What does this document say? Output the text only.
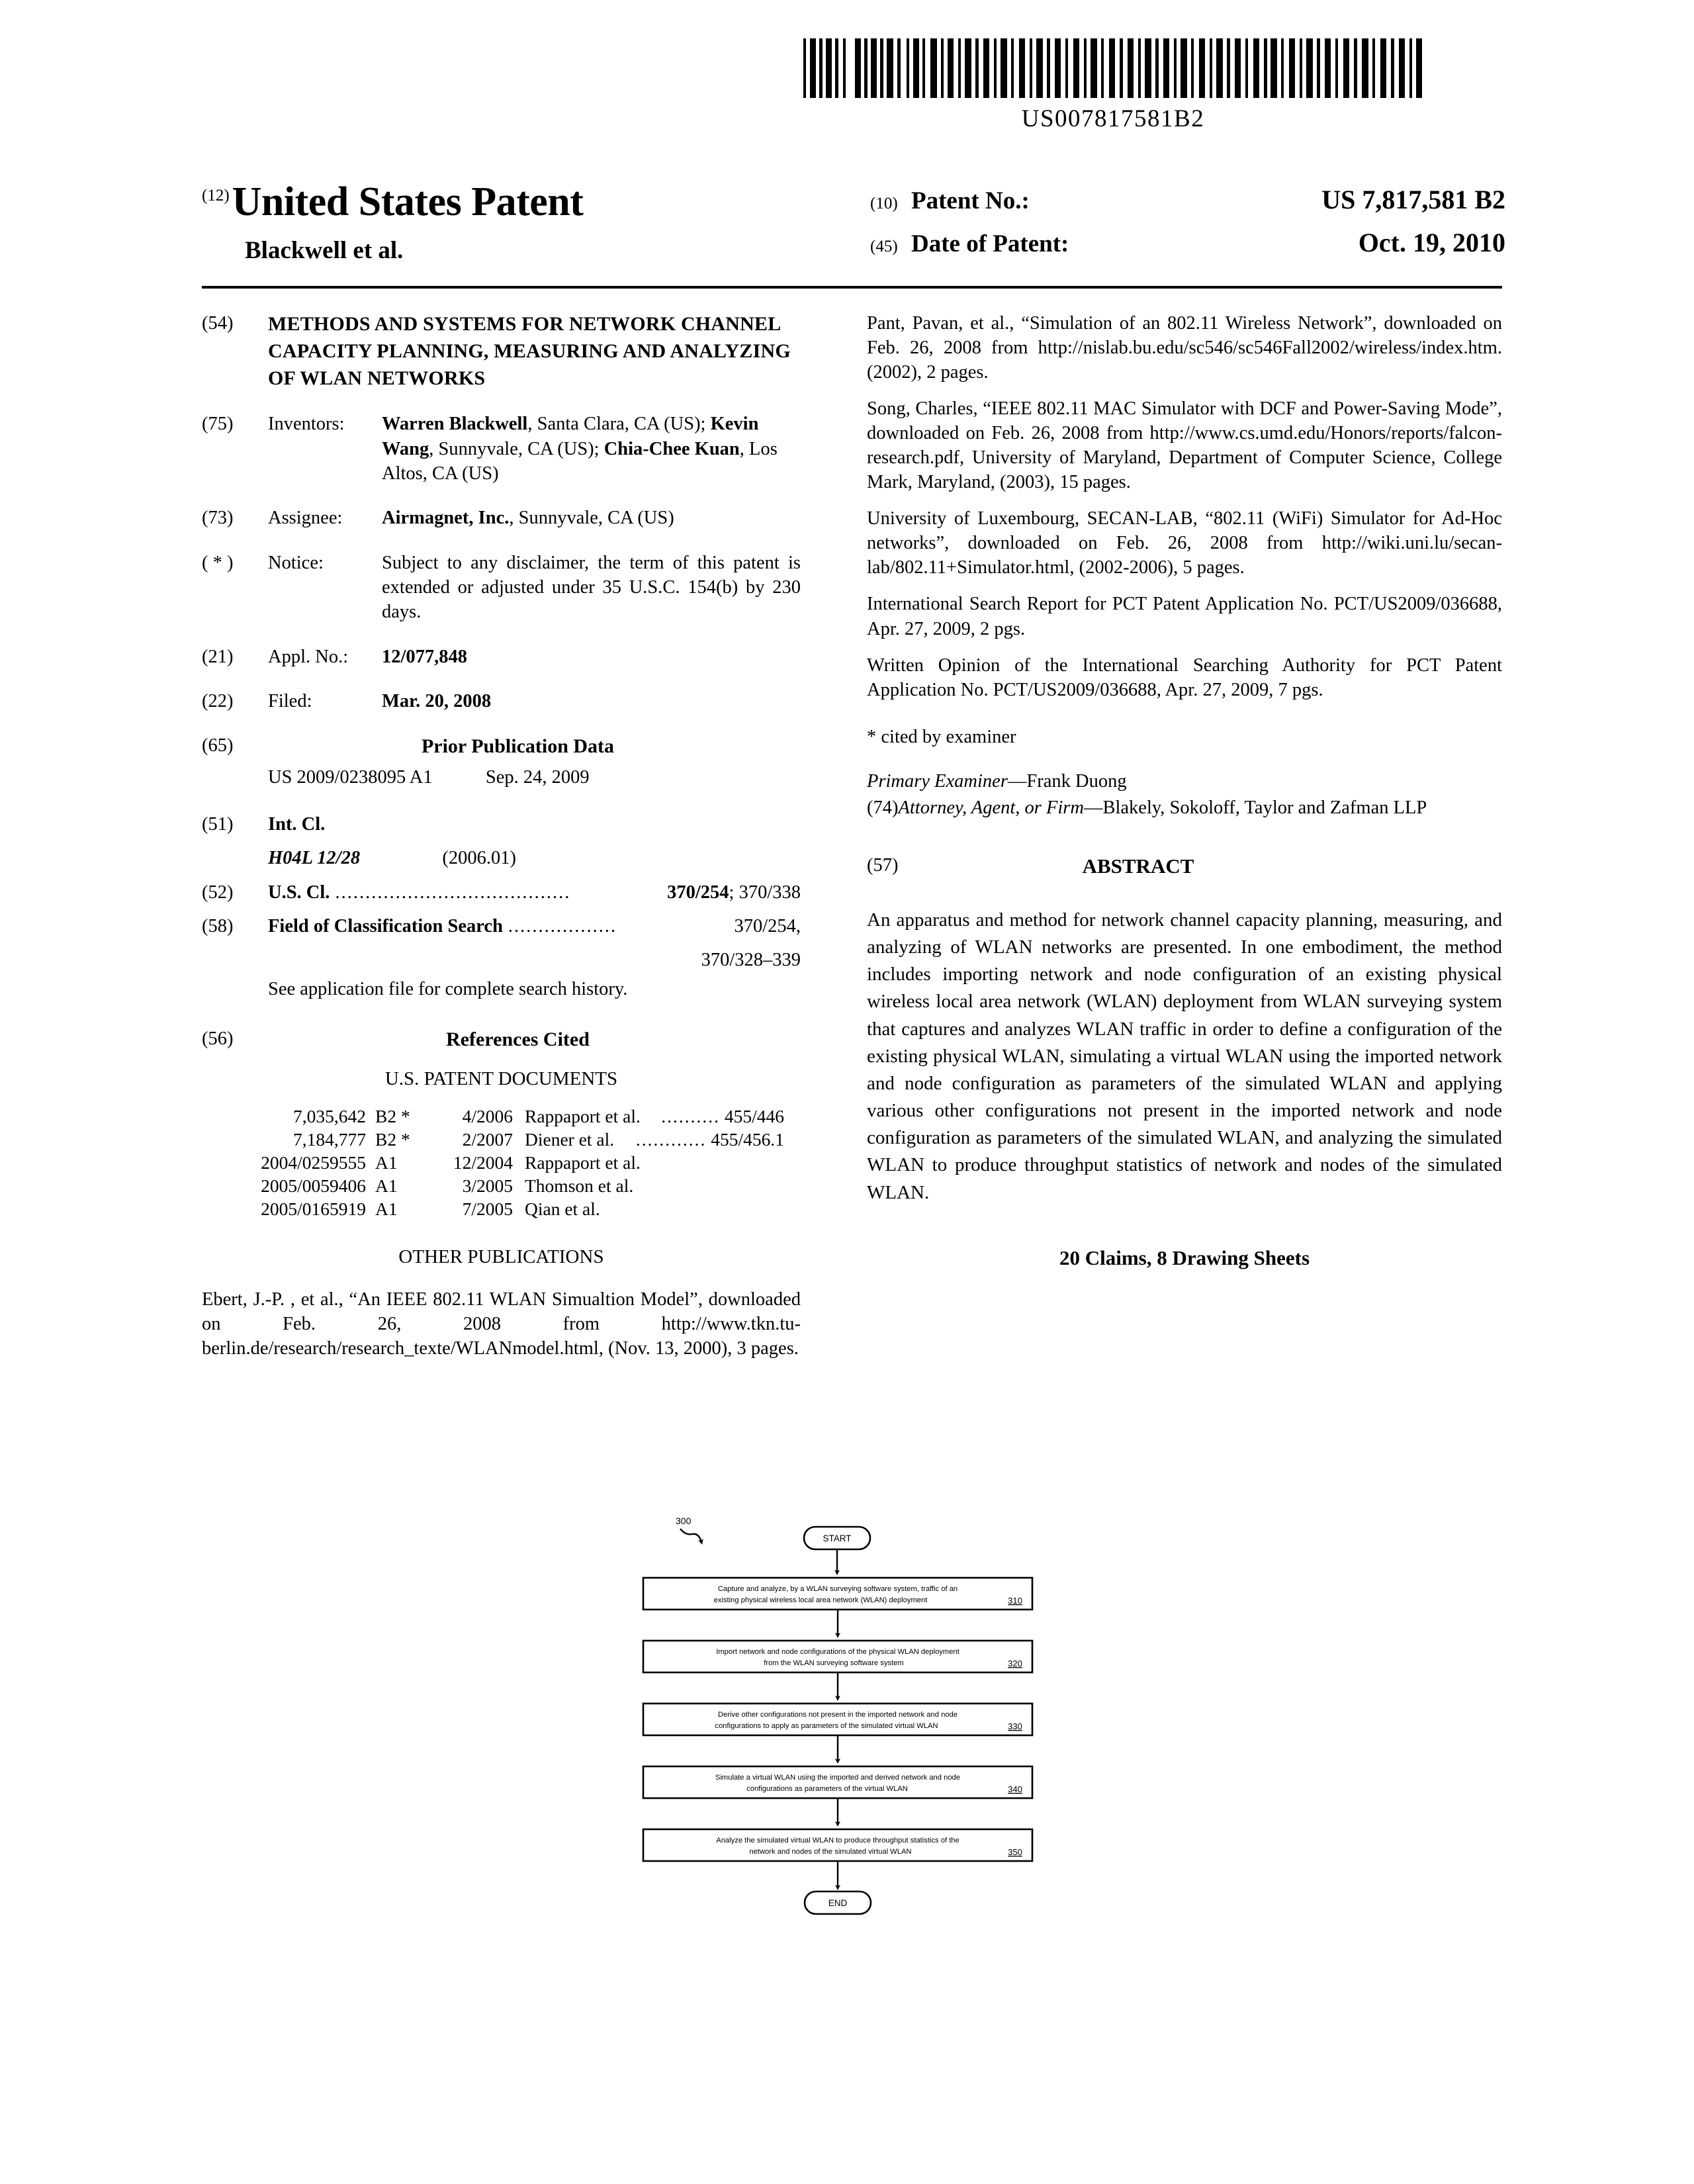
US007817581B2
(12) United States Patent
Blackwell et al.
(10) Patent No.:	US 7,817,581 B2
(45) Date of Patent:	Oct. 19, 2010
(54)	METHODS AND SYSTEMS FOR NETWORK CHANNEL CAPACITY PLANNING, MEASURING AND ANALYZING OF WLAN NETWORKS
(75)	Inventors:	Warren Blackwell, Santa Clara, CA (US); Kevin Wang, Sunnyvale, CA (US); Chia-Chee Kuan, Los Altos, CA (US)
(73)	Assignee:	Airmagnet, Inc., Sunnyvale, CA (US)
( * )	Notice:	Subject to any disclaimer, the term of this patent is extended or adjusted under 35 U.S.C. 154(b) by 230 days.
(21)	Appl. No.:	12/077,848
(22)	Filed:	Mar. 20, 2008
(65)	Prior Publication Data
US 2009/0238095 A1	Sep. 24, 2009
(51)	Int. Cl.
H04L 12/28	(2006.01)
(52)	U.S. Cl. .......................................	370/254 ; 370/338
(58)	Field of Classification Search ..................	370/254,
370/328–339
See application file for complete search history.
(56)	References Cited
U.S. PATENT DOCUMENTS
7,035,642 B2 *	4/2006 Rappaport et al.	.......... 455/446
7,184,777 B2 *	2/2007 Diener et al.	............ 455/456.1
2004/0259555 A1	12/2004 Rappaport et al.
2005/0059406 A1	3/2005 Thomson et al.
2005/0165919 A1	7/2005 Qian et al.
OTHER PUBLICATIONS
Ebert, J.-P. , et al., “An IEEE 802.11 WLAN Simualtion Model”, downloaded on Feb. 26, 2008 from http://www.tkn.tu-berlin.de/research/research_texte/WLANmodel.html, (Nov. 13, 2000), 3 pages.
Pant, Pavan, et al., “Simulation of an 802.11 Wireless Network”, downloaded on Feb. 26, 2008 from http://nislab.bu.edu/sc546/sc546Fall2002/wireless/index.htm. (2002), 2 pages.
Song, Charles, “IEEE 802.11 MAC Simulator with DCF and Power-Saving Mode”, downloaded on Feb. 26, 2008 from http://www.cs.umd.edu/Honors/reports/falcon-research.pdf, University of Maryland, Department of Computer Science, College Mark, Maryland, (2003), 15 pages.
University of Luxembourg, SECAN-LAB, “802.11 (WiFi) Simulator for Ad-Hoc networks”, downloaded on Feb. 26, 2008 from http://wiki.uni.lu/secan-lab/802.11+Simulator.html, (2002-2006), 5 pages.
International Search Report for PCT Patent Application No. PCT/US2009/036688, Apr. 27, 2009, 2 pgs.
Written Opinion of the International Searching Authority for PCT Patent Application No. PCT/US2009/036688, Apr. 27, 2009, 7 pgs.
* cited by examiner
Primary Examiner—Frank Duong
(74)Attorney, Agent, or Firm—Blakely, Sokoloff, Taylor and Zafman LLP
(57)	ABSTRACT
An apparatus and method for network channel capacity planning, measuring, and analyzing of WLAN networks are presented. In one embodiment, the method includes importing network and node configuration of an existing physical wireless local area network (WLAN) deployment from WLAN surveying system that captures and analyzes WLAN traffic in order to define a configuration of the existing physical WLAN, simulating a virtual WLAN using the imported network and node configuration as parameters of the simulated WLAN and applying various other configurations not present in the imported network and node configuration as parameters of the simulated WLAN, and analyzing the simulated WLAN to produce throughput statistics of network and nodes of the simulated WLAN.
20 Claims, 8 Drawing Sheets
300
START
Capture and analyze, by a WLAN surveying software system, traffic of an
existing physical wireless local area network (WLAN) deployment	310
Import network and node configurations of the physical WLAN deployment
from the WLAN surveying software system	320
Derive other configurations not present in the imported network and node
configurations to apply as parameters of the simulated virtual WLAN	330
Simulate a virtual WLAN using the imported and derived network and node
configurations as parameters of the virtual WLAN	340
Analyze the simulated virtual WLAN to produce throughput statistics of the
network and nodes of the simulated virtual WLAN	350
END
